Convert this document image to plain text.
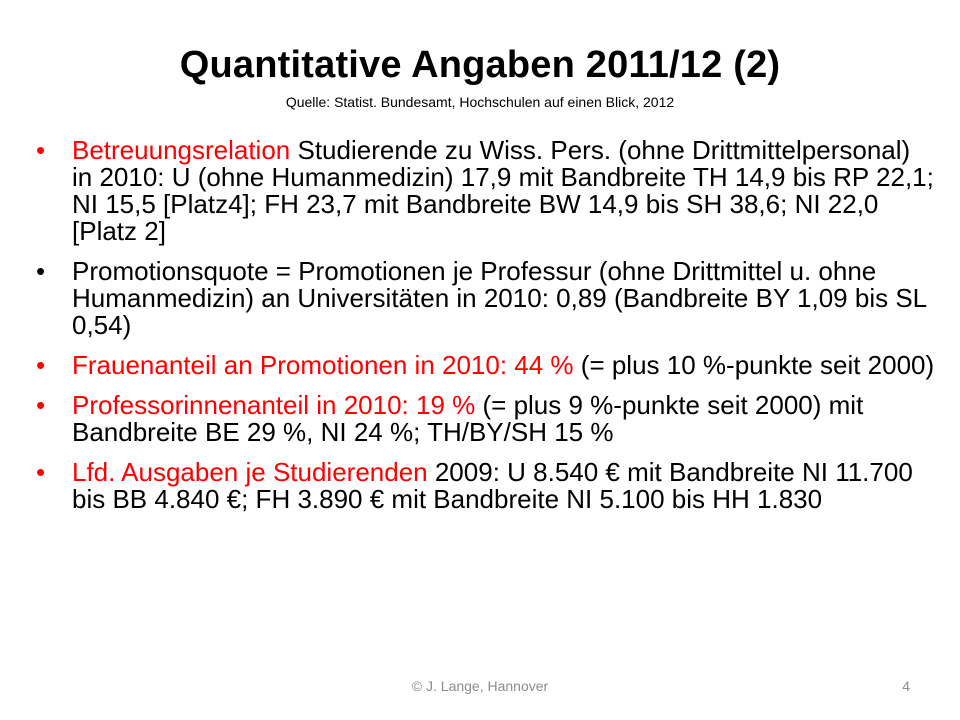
Quantitative Angaben 2011/12 (2)
Quelle: Statist. Bundesamt, Hochschulen auf einen Blick, 2012
•	Betreuungsrelation Studierende zu Wiss. Pers. (ohne Drittmittelpersonal) in 2010: U (ohne Humanmedizin) 17,9 mit Bandbreite TH 14,9 bis RP 22,1; NI 15,5 [Platz4]; FH 23,7 mit Bandbreite BW 14,9 bis SH 38,6; NI 22,0 [Platz 2]
•	Promotionsquote = Promotionen je Professur (ohne Drittmittel u. ohne Humanmedizin) an Universitäten in 2010: 0,89 (Bandbreite BY 1,09 bis SL 0,54)
•	Frauenanteil an Promotionen in 2010: 44 % (= plus 10 %-punkte seit 2000)
•	Professorinnenanteil in 2010: 19 % (= plus 9 %-punkte seit 2000) mit Bandbreite BE 29 %, NI 24 %; TH/BY/SH 15 %
•	Lfd. Ausgaben je Studierenden 2009: U 8.540 € mit Bandbreite NI 11.700 bis BB 4.840 €; FH 3.890 € mit Bandbreite NI 5.100 bis HH 1.830
© J. Lange, Hannover	4
